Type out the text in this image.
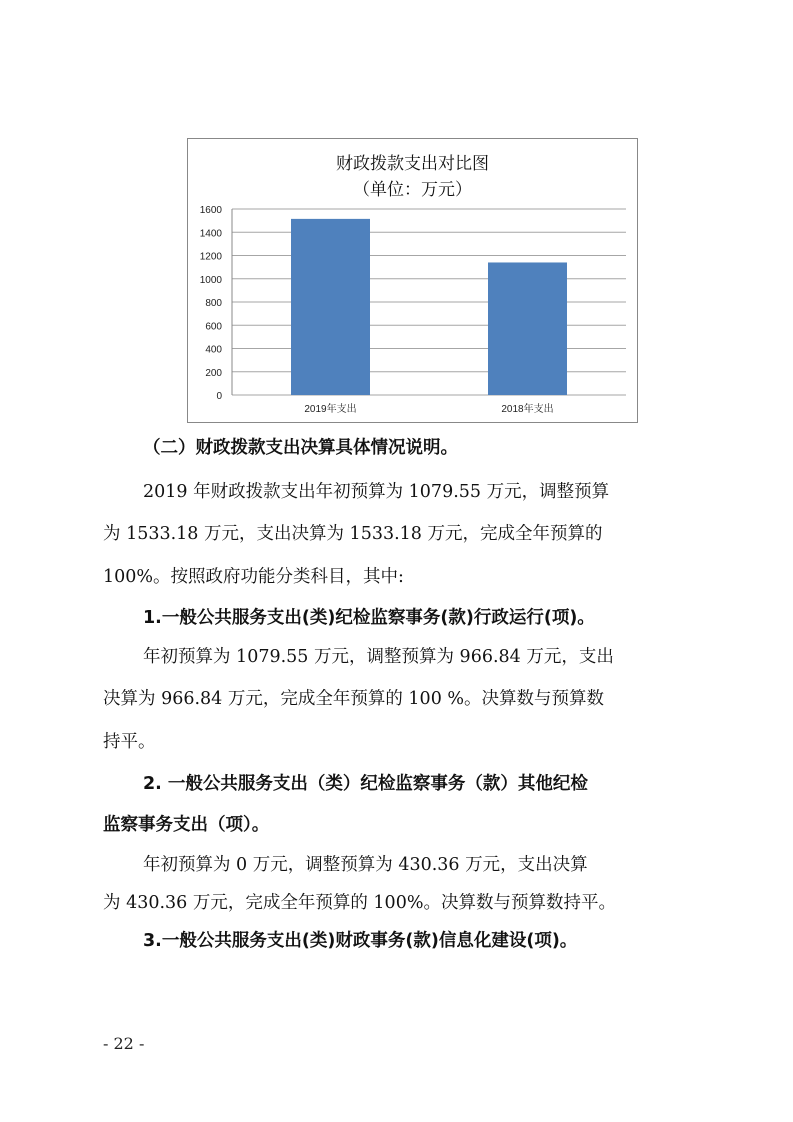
0
200
400
600
800
1000
1200
1400
1600
2019年支出	2018年支出
财政拨款支出对比图
（单位：万元）
（二）财政拨款支出决算具体情况说明。
2019 年财政拨款支出年初预算为 1079.55 万元，调整预算
为 1533.18 万元，支出决算为 1533.18 万元，完成全年预算的
100%。按照政府功能分类科目，其中:
1.一般公共服务支出(类)纪检监察事务(款)行政运行(项)。
年初预算为 1079.55 万元，调整预算为 966.84 万元，支出
决算为 966.84 万元，完成全年预算的 100 %。决算数与预算数
持平。
2. 一般公共服务支出（类）纪检监察事务（款）其他纪检
监察事务支出（项）。
年初预算为 0 万元，调整预算为 430.36 万元，支出决算
为 430.36 万元，完成全年预算的 100%。决算数与预算数持平。
3.一般公共服务支出(类)财政事务(款)信息化建设(项)。
- 22 -
